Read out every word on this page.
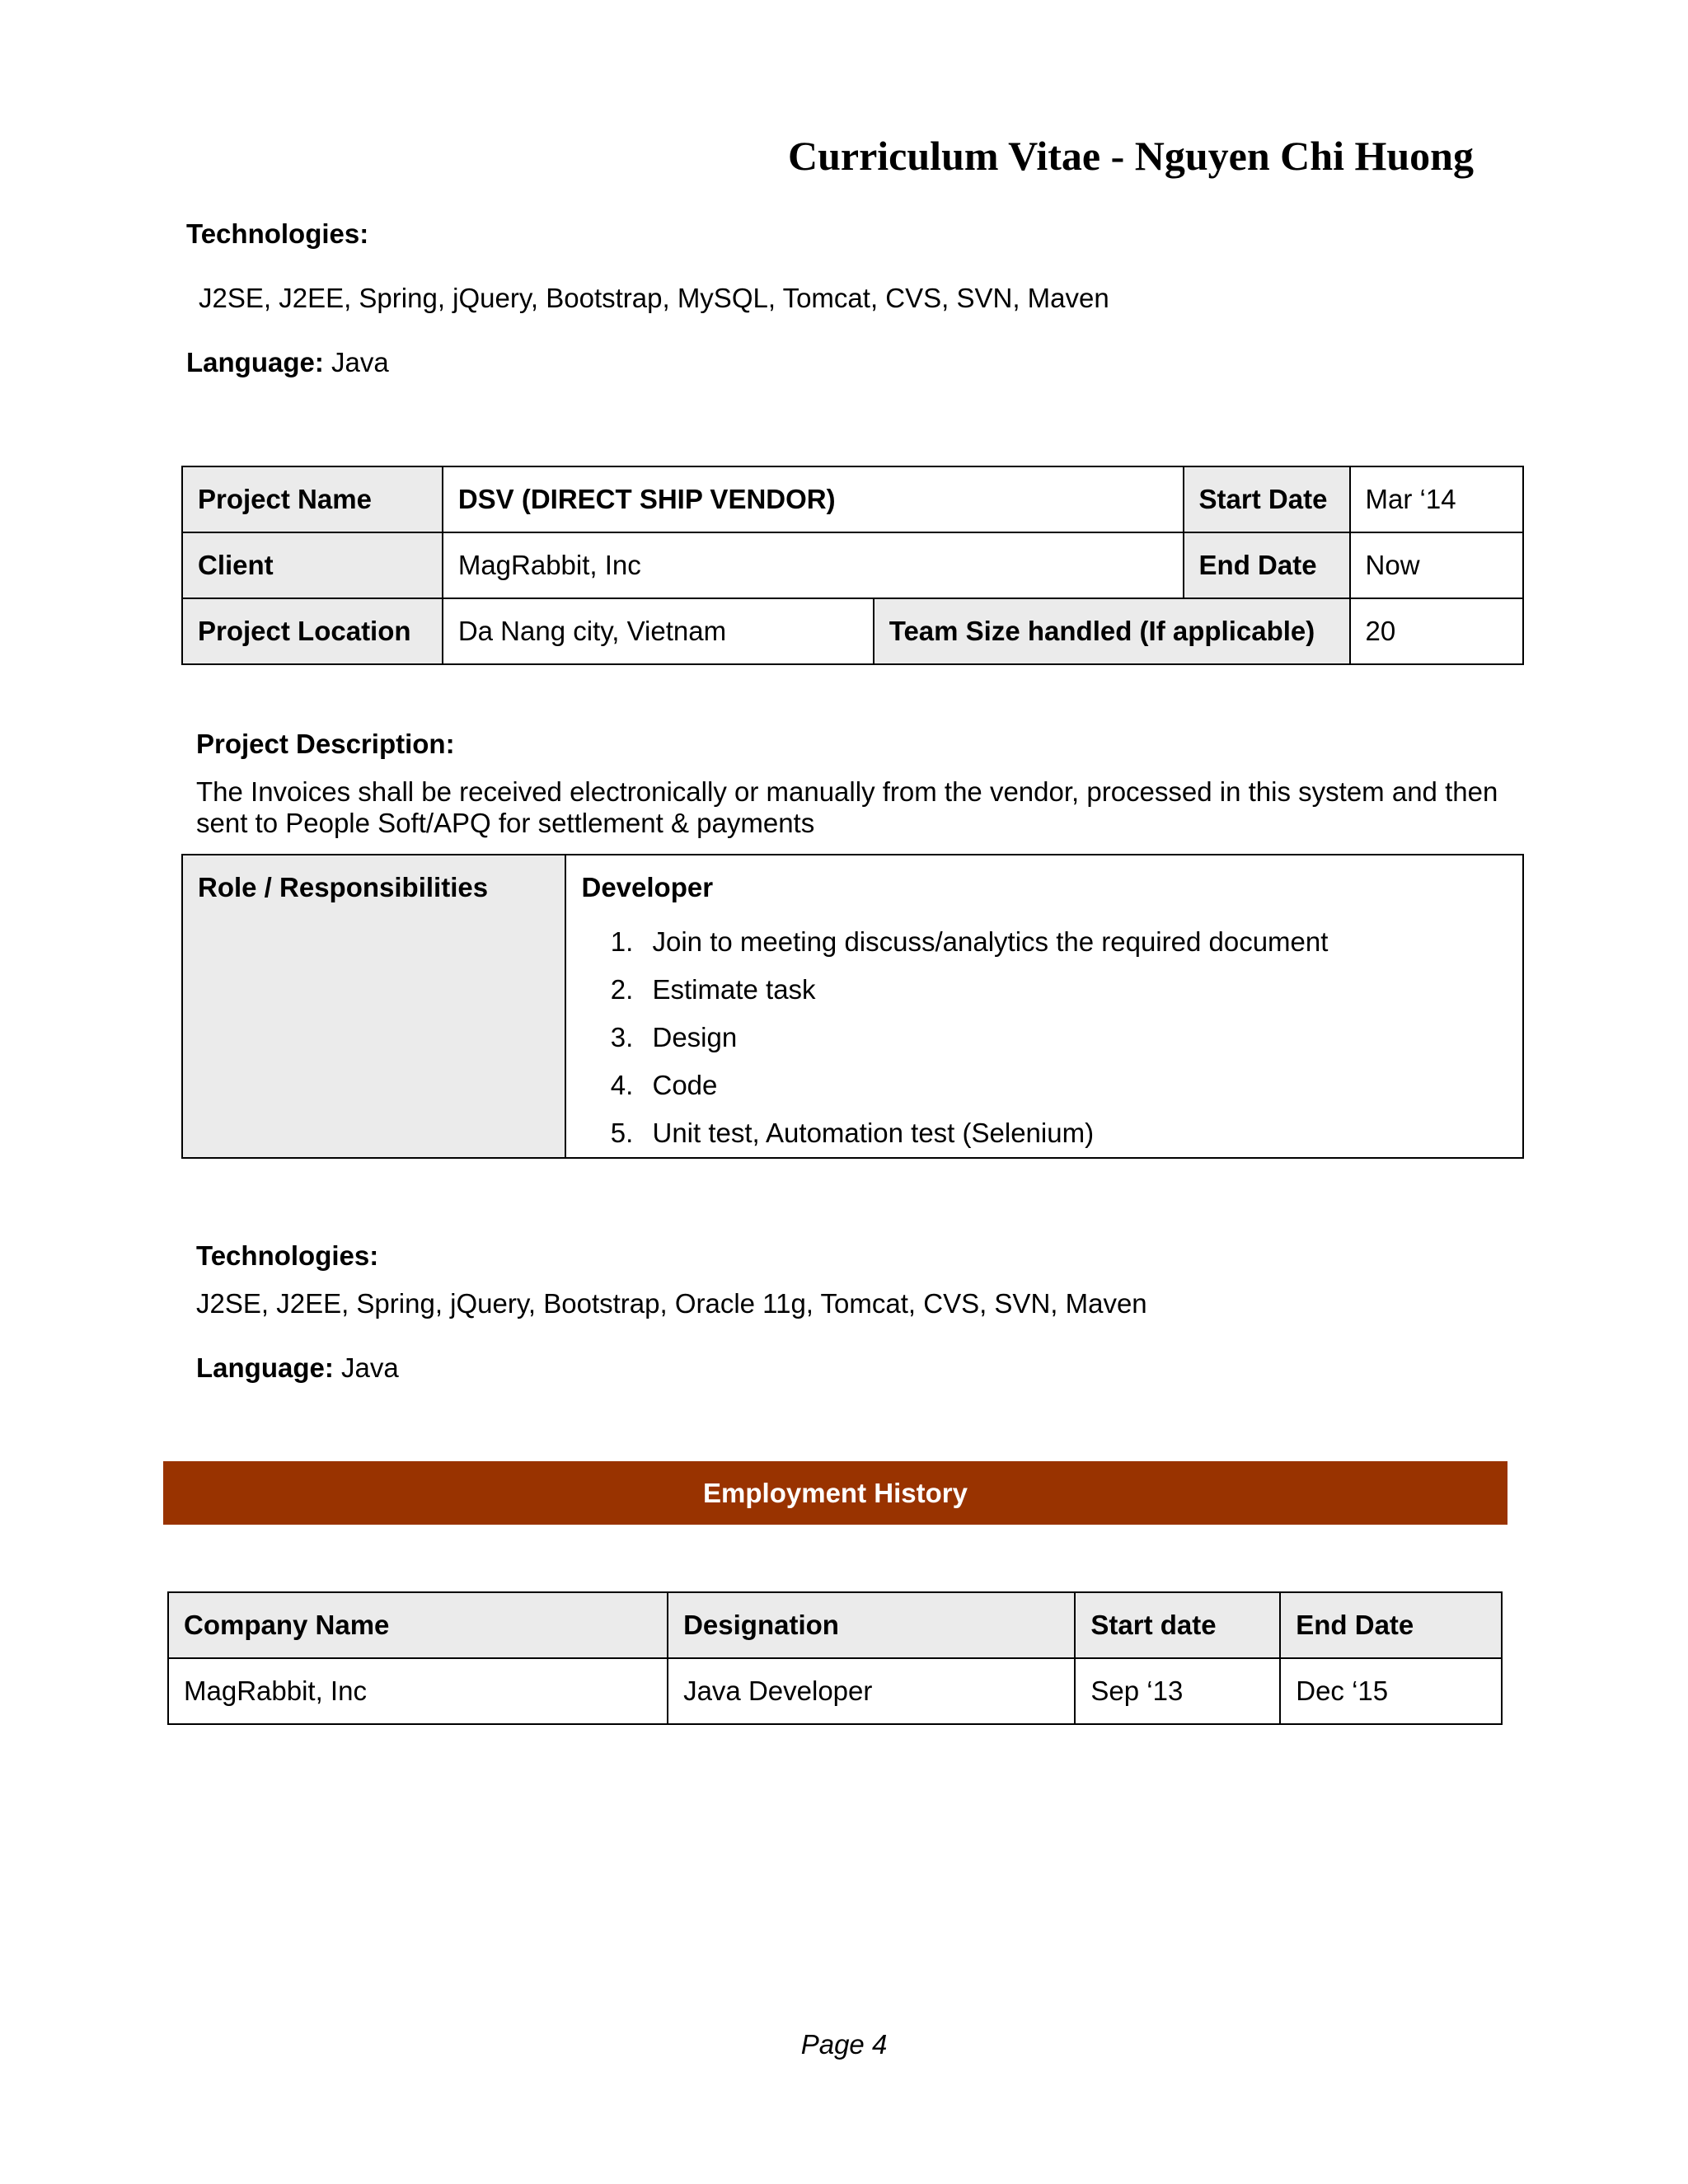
Curriculum Vitae - Nguyen Chi Huong
Technologies:
J2SE, J2EE, Spring, jQuery, Bootstrap, MySQL, Tomcat, CVS, SVN, Maven
Language: Java
Project Name	DSV (DIRECT SHIP VENDOR)		Start Date	Mar ‘14
Client	MagRabbit, Inc		End Date	Now
Project Location	Da Nang city, Vietnam	Team Size handled (If applicable)		20
Project Description:
The Invoices shall be received electronically or manually from the vendor, processed in this system and then
sent to People Soft/APQ for settlement & payments
Role / Responsibilities	Developer
1. Join to meeting discuss/analytics the required document
2. Estimate task
3. Design
4. Code
5. Unit test, Automation test (Selenium)
Technologies:
J2SE, J2EE, Spring, jQuery, Bootstrap, Oracle 11g, Tomcat, CVS, SVN, Maven
Language: Java
Employment History
Company Name	Designation	Start date	End Date
MagRabbit, Inc	Java Developer	Sep ‘13	Dec ‘15
Page 4
